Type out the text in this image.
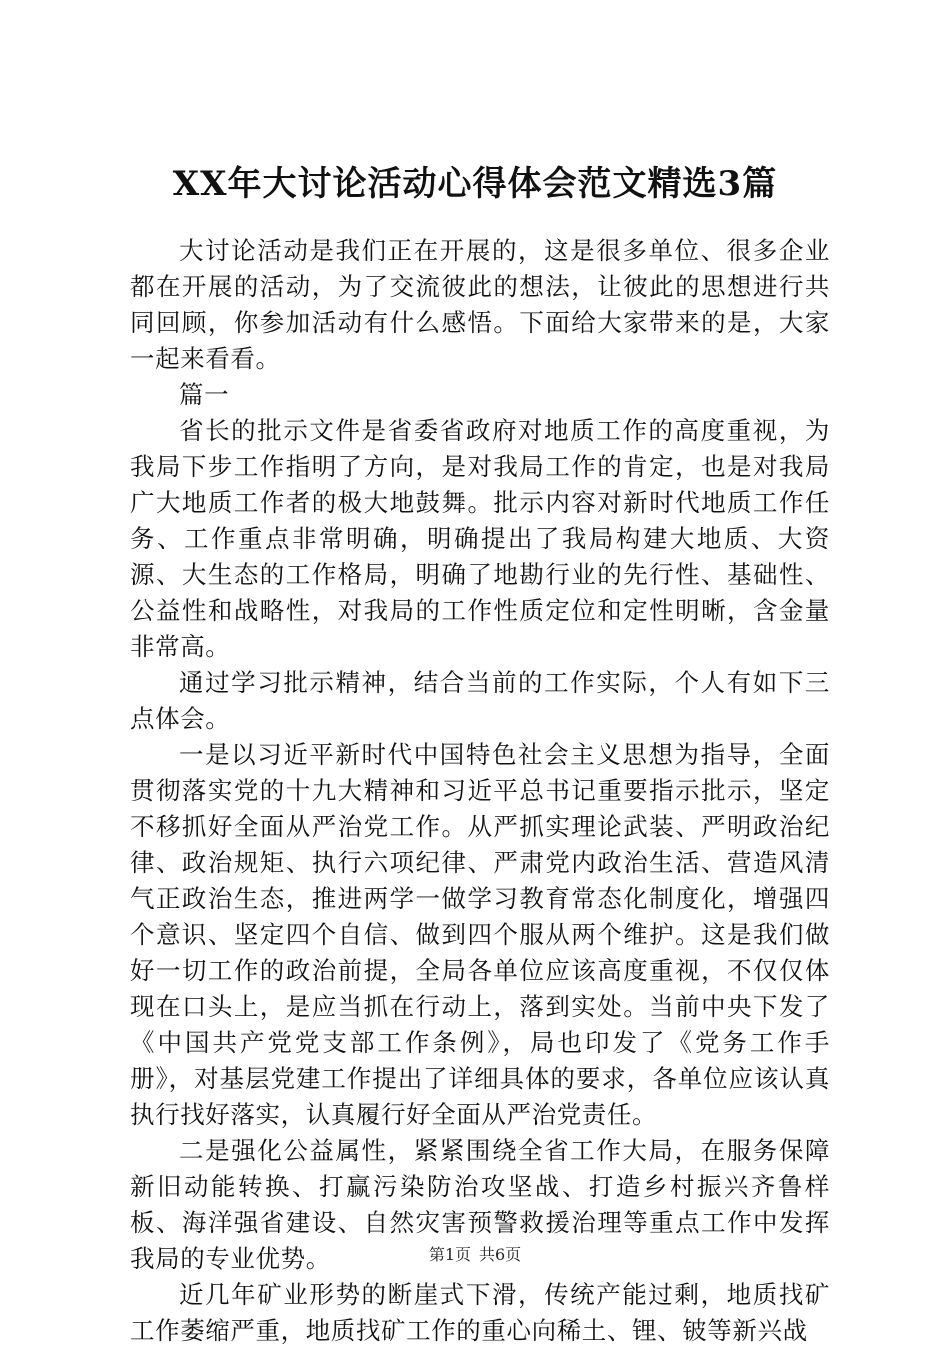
XX年大讨论活动心得体会范文精选3篇

大讨论活动是我们正在开展的，这是很多单位、很多企业都在开展的活动，为了交流彼此的想法，让彼此的思想进行共同回顾，你参加活动有什么感悟。下面给大家带来的是，大家一起来看看。

篇一

省长的批示文件是省委省政府对地质工作的高度重视，为我局下步工作指明了方向，是对我局工作的肯定，也是对我局广大地质工作者的极大地鼓舞。批示内容对新时代地质工作任务、工作重点非常明确，明确提出了我局构建大地质、大资源、大生态的工作格局，明确了地勘行业的先行性、基础性、公益性和战略性，对我局的工作性质定位和定性明晰，含金量非常高。

通过学习批示精神，结合当前的工作实际，个人有如下三点体会。

一是以习近平新时代中国特色社会主义思想为指导，全面贯彻落实党的十九大精神和习近平总书记重要指示批示，坚定不移抓好全面从严治党工作。从严抓实理论武装、严明政治纪律、政治规矩、执行六项纪律、严肃党内政治生活、营造风清气正政治生态，推进两学一做学习教育常态化制度化，增强四个意识、坚定四个自信、做到四个服从两个维护。这是我们做好一切工作的政治前提，全局各单位应该高度重视，不仅仅体现在口头上，是应当抓在行动上，落到实处。当前中央下发了《中国共产党党支部工作条例》，局也印发了《党务工作手册》，对基层党建工作提出了详细具体的要求，各单位应该认真执行找好落实，认真履行好全面从严治党责任。

二是强化公益属性，紧紧围绕全省工作大局，在服务保障新旧动能转换、打赢污染防治攻坚战、打造乡村振兴齐鲁样板、海洋强省建设、自然灾害预警救援治理等重点工作中发挥我局的专业优势。

近几年矿业形势的断崖式下滑，传统产能过剩，地质找矿工作萎缩严重，地质找矿工作的重心向稀土、锂、铍等新兴战

第1页 共6页
